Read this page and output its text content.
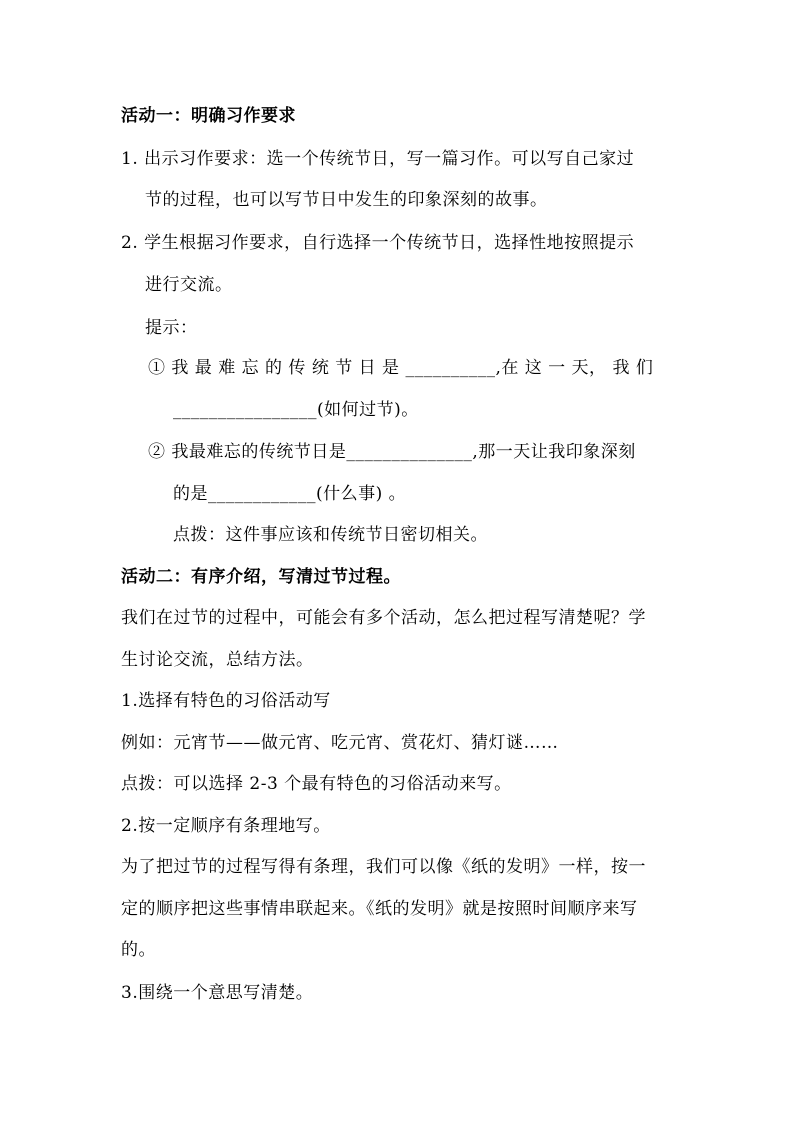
活动一：明确习作要求
1. 出示习作要求：选一个传统节日，写一篇习作。可以写自己家过
节的过程，也可以写节日中发生的印象深刻的故事。
2. 学生根据习作要求，自行选择一个传统节日，选择性地按照提示
进行交流。
提示：
① 我 最 难 忘 的 传 统 节 日 是 __________,在 这 一 天， 我 们
________________(如何过节)。
② 我最难忘的传统节日是______________,那一天让我印象深刻
的是____________(什么事) 。
点拨：这件事应该和传统节日密切相关。
活动二：有序介绍，写清过节过程。
我们在过节的过程中，可能会有多个活动，怎么把过程写清楚呢？学
生讨论交流，总结方法。
1.选择有特色的习俗活动写
例如：元宵节——做元宵、吃元宵、赏花灯、猜灯谜……
点拨：可以选择 2-3 个最有特色的习俗活动来写。
2.按一定顺序有条理地写。
为了把过节的过程写得有条理，我们可以像《纸的发明》一样，按一
定的顺序把这些事情串联起来。《纸的发明》就是按照时间顺序来写
的。
3.围绕一个意思写清楚。
